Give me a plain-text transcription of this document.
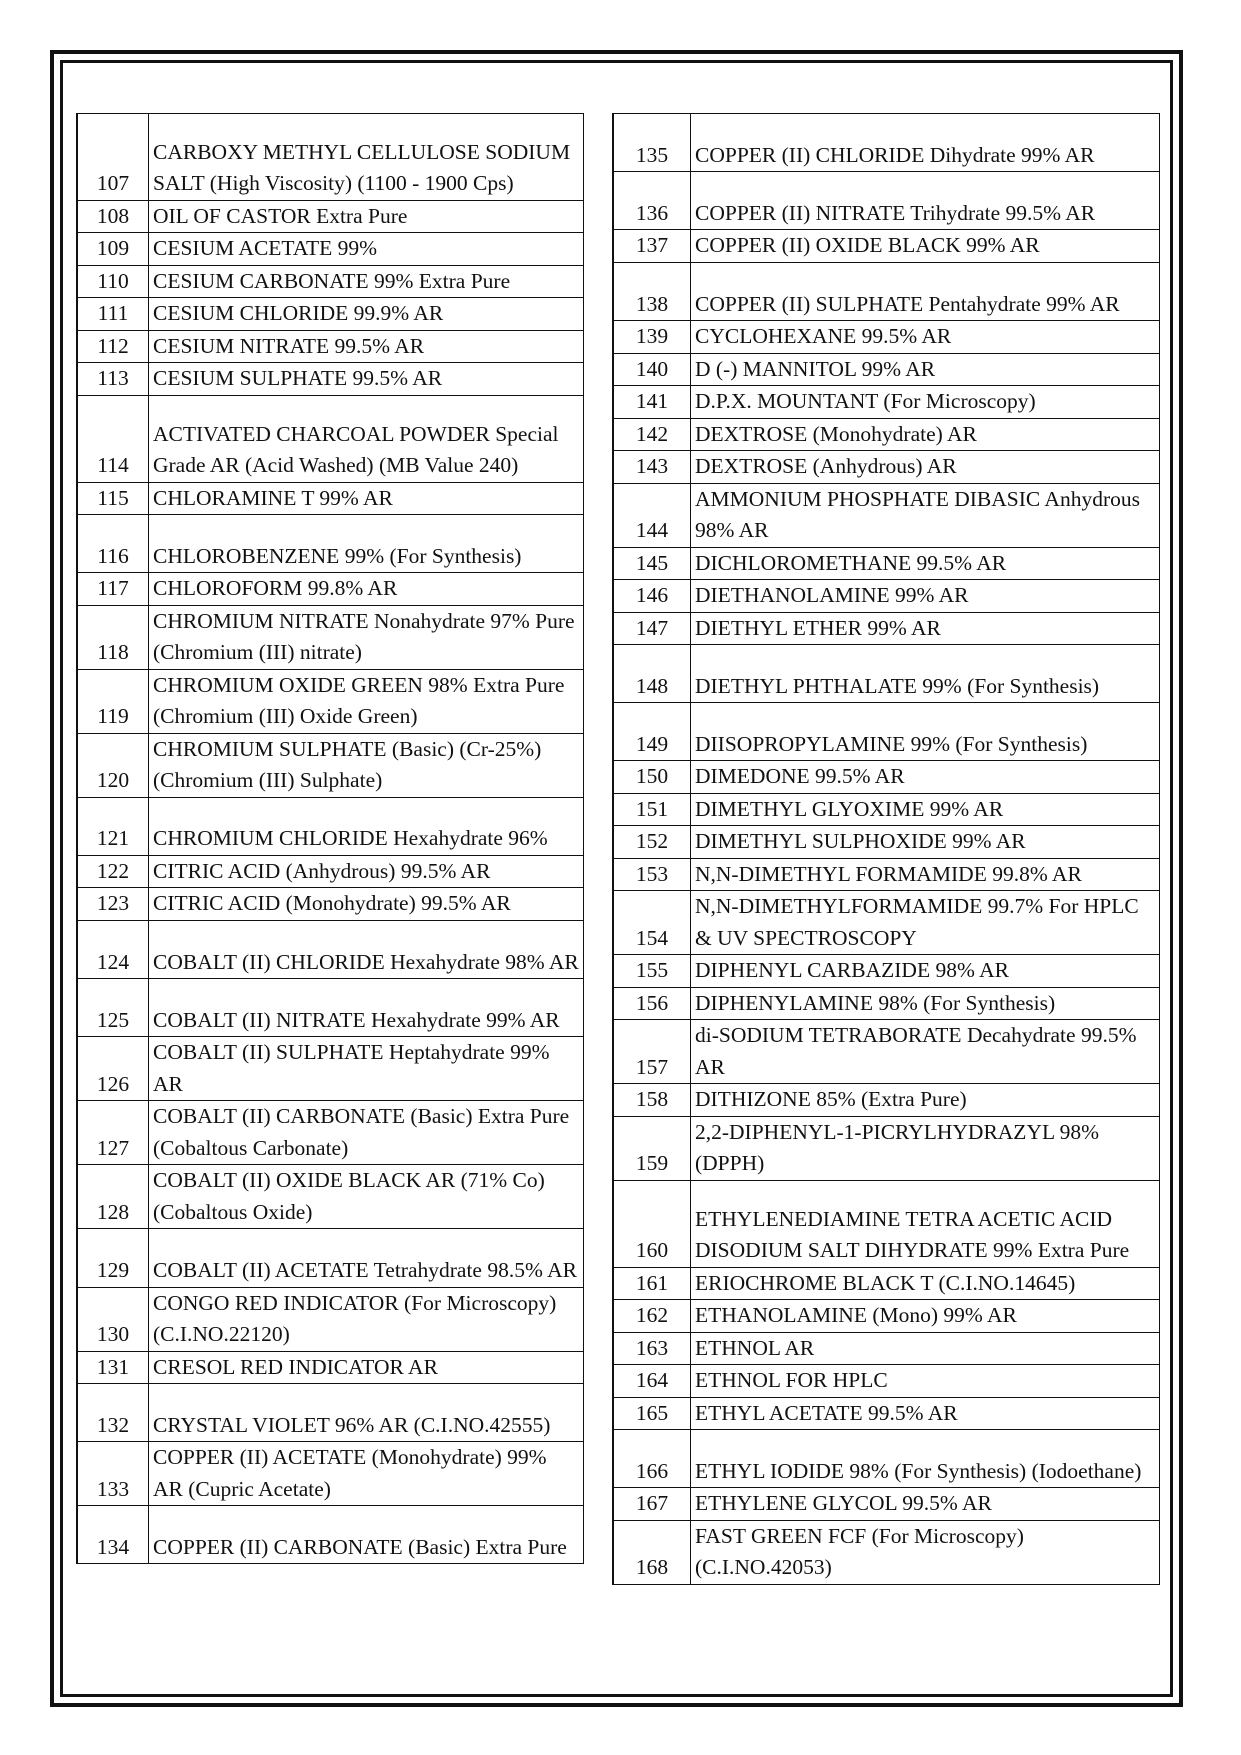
107	CARBOXY METHYL CELLULOSE SODIUM SALT (High Viscosity) (1100 - 1900 Cps)
108	OIL OF CASTOR Extra Pure
109	CESIUM ACETATE 99%
110	CESIUM CARBONATE 99% Extra Pure
111	CESIUM CHLORIDE 99.9% AR
112	CESIUM NITRATE 99.5% AR
113	CESIUM SULPHATE 99.5% AR
114	ACTIVATED CHARCOAL POWDER Special Grade AR (Acid Washed) (MB Value 240)
115	CHLORAMINE T 99% AR
116	CHLOROBENZENE 99% (For Synthesis)
117	CHLOROFORM 99.8% AR
118	CHROMIUM NITRATE Nonahydrate 97% Pure (Chromium (III) nitrate)
119	CHROMIUM OXIDE GREEN 98% Extra Pure (Chromium (III) Oxide Green)
120	CHROMIUM SULPHATE (Basic) (Cr-25%) (Chromium (III) Sulphate)
121	CHROMIUM CHLORIDE Hexahydrate 96%
122	CITRIC ACID (Anhydrous) 99.5% AR
123	CITRIC ACID (Monohydrate) 99.5% AR
124	COBALT (II) CHLORIDE Hexahydrate 98% AR
125	COBALT (II) NITRATE Hexahydrate 99% AR
126	COBALT (II) SULPHATE Heptahydrate 99% AR
127	COBALT (II) CARBONATE (Basic) Extra Pure (Cobaltous Carbonate)
128	COBALT (II) OXIDE BLACK AR (71% Co) (Cobaltous Oxide)
129	COBALT (II) ACETATE Tetrahydrate 98.5% AR
130	CONGO RED INDICATOR (For Microscopy) (C.I.NO.22120)
131	CRESOL RED INDICATOR AR
132	CRYSTAL VIOLET 96% AR (C.I.NO.42555)
133	COPPER (II) ACETATE (Monohydrate) 99% AR (Cupric Acetate)
134	COPPER (II) CARBONATE (Basic) Extra Pure
135	COPPER (II) CHLORIDE Dihydrate 99% AR
136	COPPER (II) NITRATE Trihydrate 99.5% AR
137	COPPER (II) OXIDE BLACK 99% AR
138	COPPER (II) SULPHATE Pentahydrate 99% AR
139	CYCLOHEXANE 99.5% AR
140	D (-) MANNITOL 99% AR
141	D.P.X. MOUNTANT (For Microscopy)
142	DEXTROSE (Monohydrate) AR
143	DEXTROSE (Anhydrous) AR
144	AMMONIUM PHOSPHATE DIBASIC Anhydrous 98% AR
145	DICHLOROMETHANE 99.5% AR
146	DIETHANOLAMINE 99% AR
147	DIETHYL ETHER 99% AR
148	DIETHYL PHTHALATE 99% (For Synthesis)
149	DIISOPROPYLAMINE 99% (For Synthesis)
150	DIMEDONE 99.5% AR
151	DIMETHYL GLYOXIME 99% AR
152	DIMETHYL SULPHOXIDE 99% AR
153	N,N-DIMETHYL FORMAMIDE 99.8% AR
154	N,N-DIMETHYLFORMAMIDE 99.7% For HPLC & UV SPECTROSCOPY
155	DIPHENYL CARBAZIDE 98% AR
156	DIPHENYLAMINE 98% (For Synthesis)
157	di-SODIUM TETRABORATE Decahydrate 99.5% AR
158	DITHIZONE 85% (Extra Pure)
159	2,2-DIPHENYL-1-PICRYLHYDRAZYL 98% (DPPH)
160	ETHYLENEDIAMINE TETRA ACETIC ACID DISODIUM SALT DIHYDRATE 99% Extra Pure
161	ERIOCHROME BLACK T (C.I.NO.14645)
162	ETHANOLAMINE (Mono) 99% AR
163	ETHNOL AR
164	ETHNOL FOR HPLC
165	ETHYL ACETATE 99.5% AR
166	ETHYL IODIDE 98% (For Synthesis) (Iodoethane)
167	ETHYLENE GLYCOL 99.5% AR
168	FAST GREEN FCF (For Microscopy) (C.I.NO.42053)
